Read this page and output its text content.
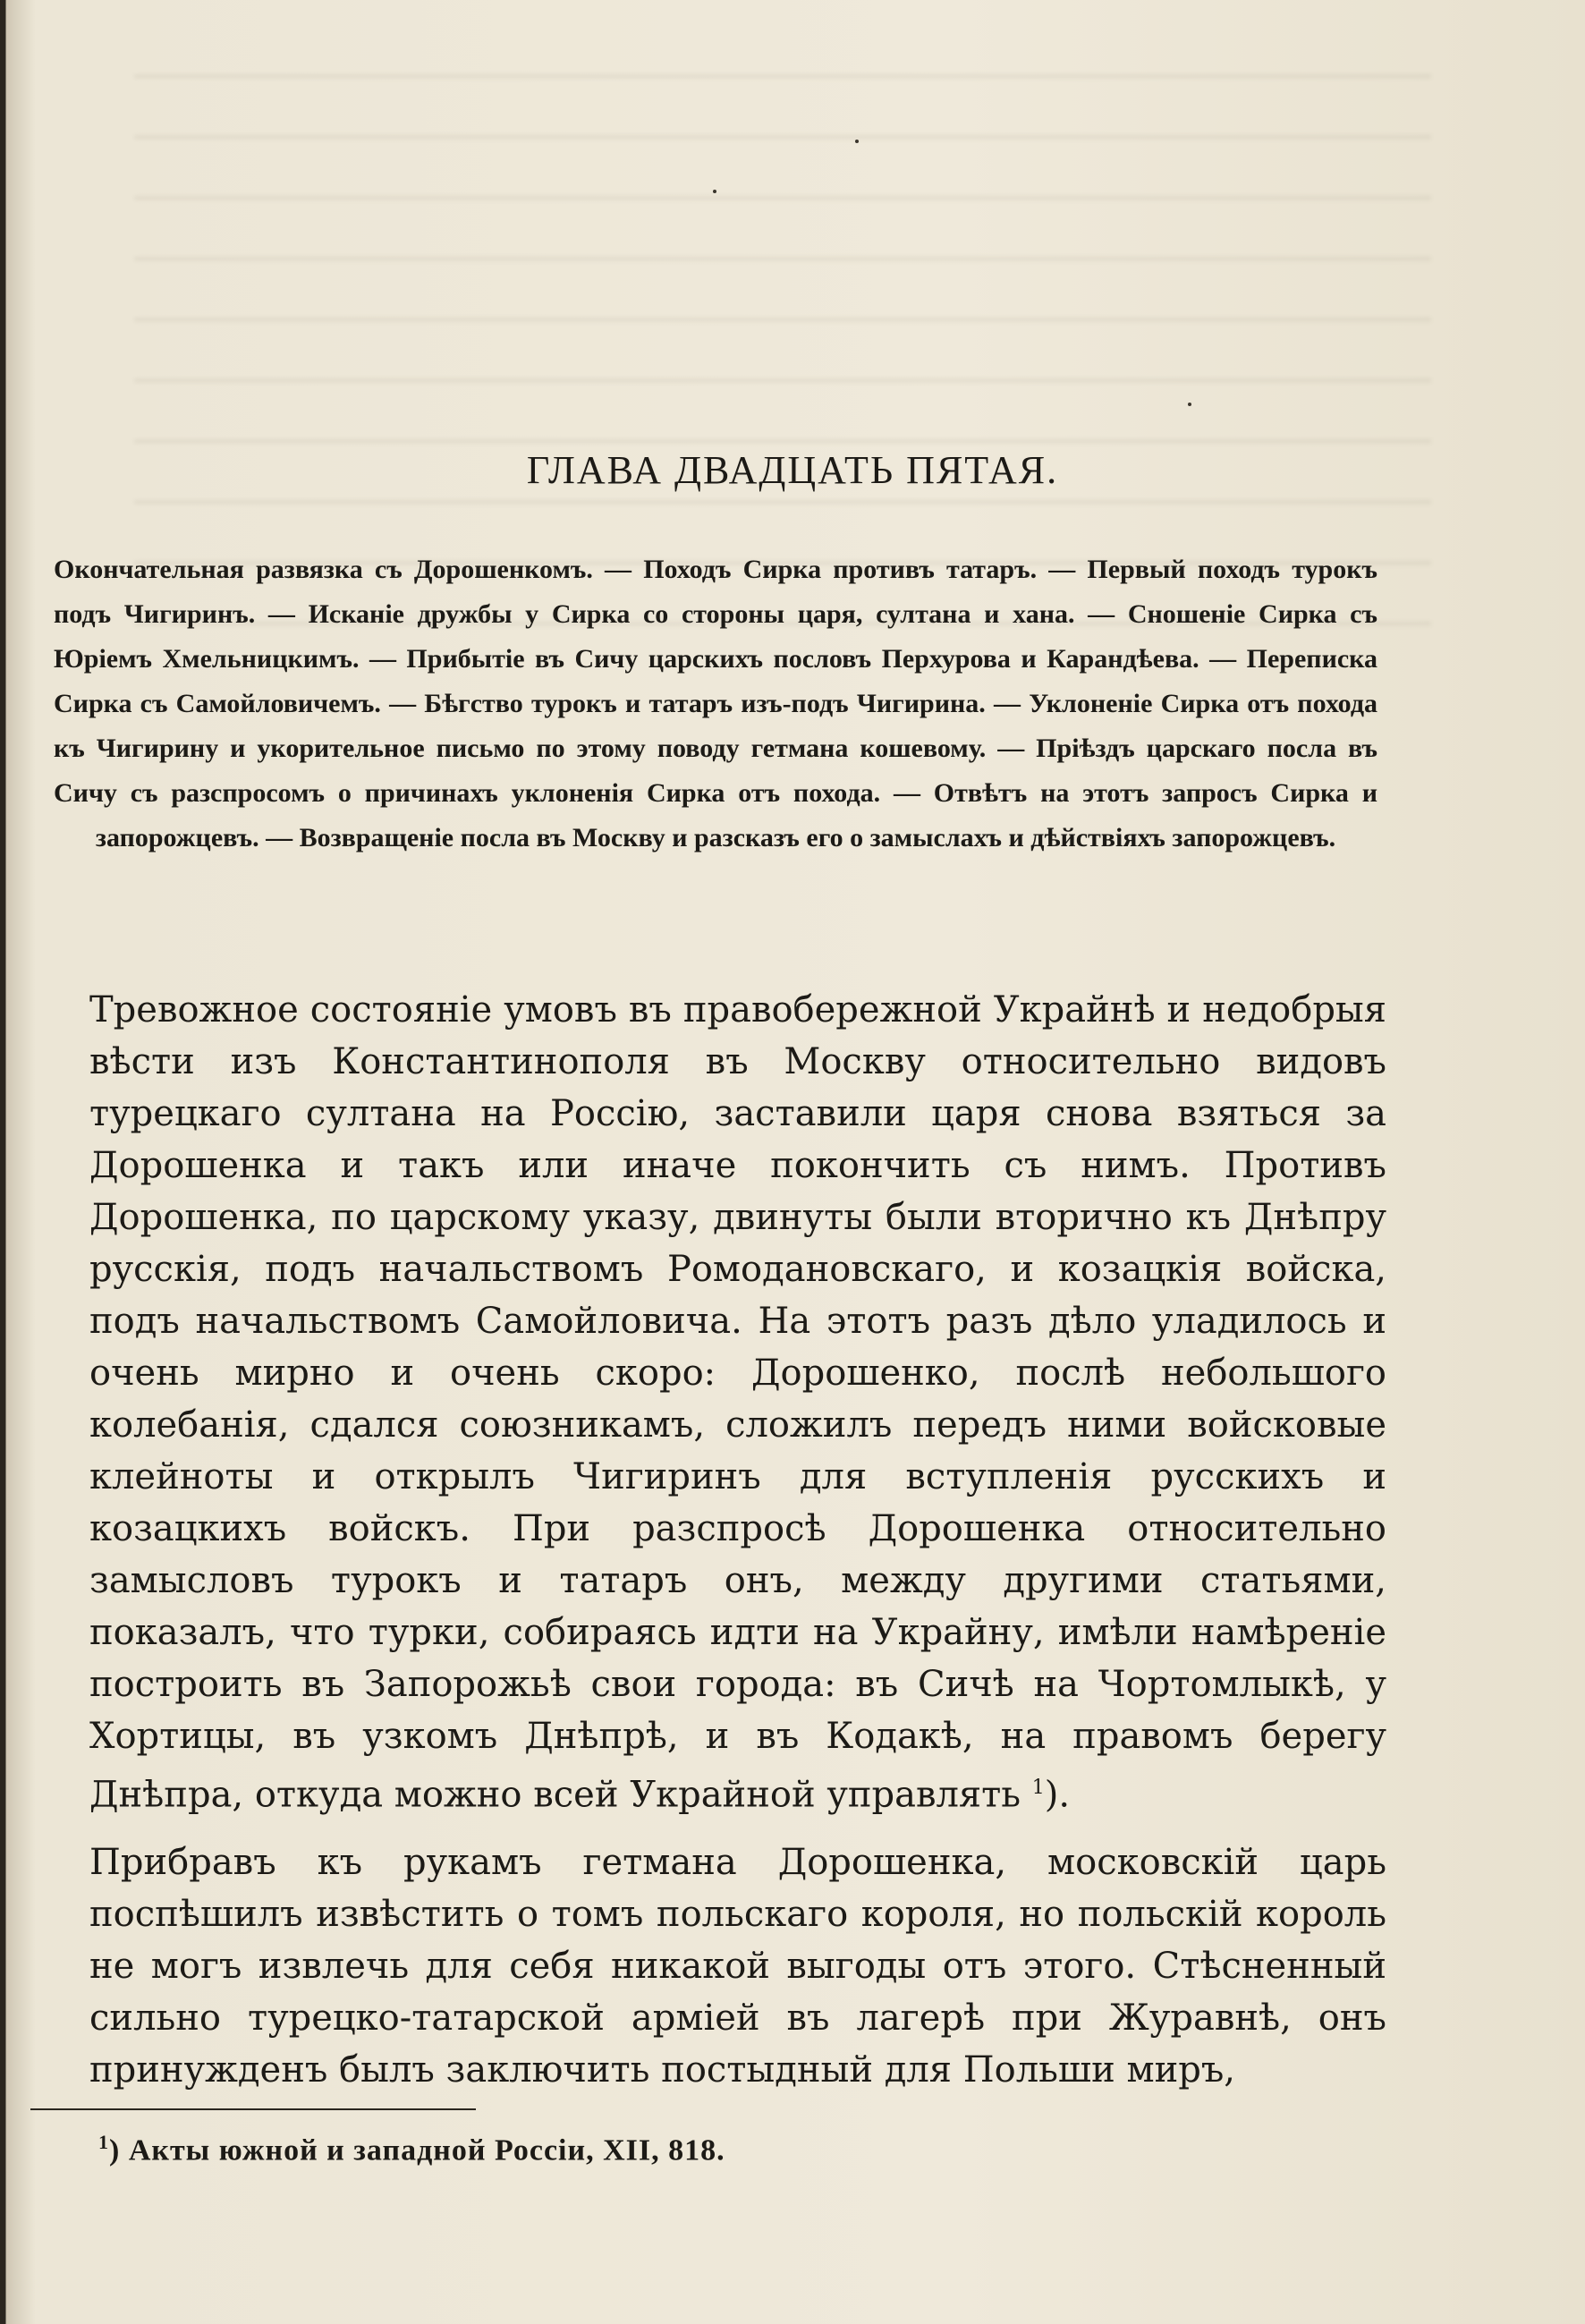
ГЛАВА ДВАДЦАТЬ ПЯТАЯ.
Окончательная развязка съ Дорошенкомъ. — Походъ Сирка противъ татаръ. — Первый походъ турокъ подъ Чигиринъ. — Исканіе дружбы у Сирка со стороны царя, султана и хана. — Сношеніе Сирка съ Юріемъ Хмельницкимъ. — Прибытіе въ Сичу царскихъ пословъ Перхурова и Карандѣева. — Переписка Сирка съ Самойловичемъ. — Бѣгство турокъ и татаръ изъ-подъ Чигирина. — Уклоненіе Сирка отъ похода къ Чигирину и укорительное письмо по этому поводу гетмана кошевому. — Пріѣздъ царскаго посла въ Сичу съ разспросомъ о причинахъ уклоненія Сирка отъ похода. — Отвѣтъ на этотъ запросъ Сирка и запорожцевъ. — Возвращеніе посла въ Москву и разсказъ его о замыслахъ и дѣйствіяхъ запорожцевъ.

Тревожное состояніе умовъ въ правобережной Украйнѣ и недобрыя вѣсти изъ Константинополя въ Москву относительно видовъ турецкаго султана на Россію, заставили царя снова взяться за Дорошенка и такъ или иначе покончить съ нимъ. Противъ Дорошенка, по царскому указу, двинуты были вторично къ Днѣпру русскія, подъ начальствомъ Ромодановскаго, и козацкія войска, подъ начальствомъ Самойловича. На этотъ разъ дѣло уладилось и очень мирно и очень скоро: Дорошенко, послѣ небольшого колебанія, сдался союзникамъ, сложилъ передъ ними войсковые клейноты и открылъ Чигиринъ для вступленія русскихъ и козацкихъ войскъ. При разспросѣ Дорошенка относительно замысловъ турокъ и татаръ онъ, между другими статьями, показалъ, что турки, собираясь идти на Украйну, имѣли намѣреніе построить въ Запорожьѣ свои города: въ Сичѣ на Чортомлыкѣ, у Хортицы, въ узкомъ Днѣпрѣ, и въ Кодакѣ, на правомъ берегу Днѣпра, откуда можно всей Украйной управлять $^1$).

Прибравъ къ рукамъ гетмана Дорошенка, московскій царь поспѣшилъ извѣстить о томъ польскаго короля, но польскій король не могъ извлечь для себя никакой выгоды отъ этого. Стѣсненный сильно турецко-татарской арміей въ лагерѣ при Журавнѣ, онъ принужденъ былъ заключить постыдный для Польши миръ,

$^1$) Акты южной и западной Россіи, XII, 818.
